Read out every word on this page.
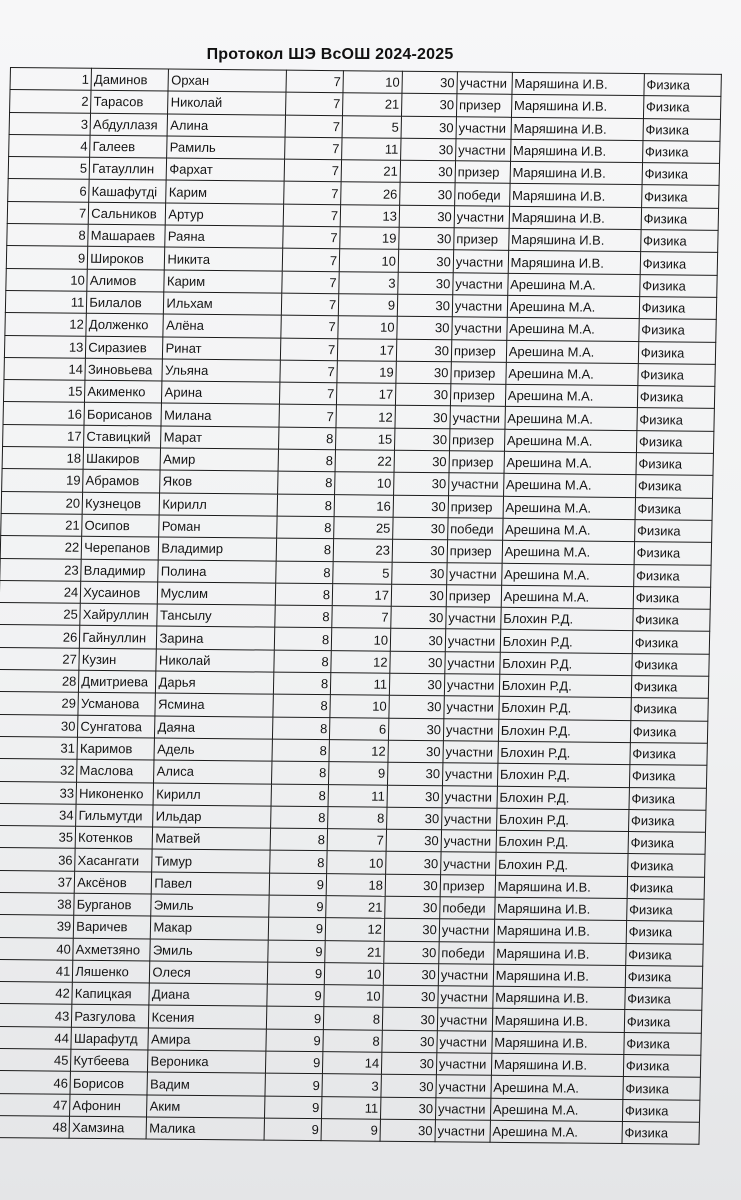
Протокол ШЭ ВсОШ 2024-2025
1	Даминов	Орхан	7	10	30	участни	Маряшина И.В.	Физика
2	Тарасов	Николай	7	21	30	призер	Маряшина И.В.	Физика
3	Абдуллазя	Алина	7	5	30	участни	Маряшина И.В.	Физика
4	Галеев	Рамиль	7	11	30	участни	Маряшина И.В.	Физика
5	Гатауллин	Фархат	7	21	30	призер	Маряшина И.В.	Физика
6	Кашафутдi	Карим	7	26	30	победи	Маряшина И.В.	Физика
7	Сальников	Артур	7	13	30	участни	Маряшина И.В.	Физика
8	Машараев	Раяна	7	19	30	призер	Маряшина И.В.	Физика
9	Широков	Никита	7	10	30	участни	Маряшина И.В.	Физика
10	Алимов	Карим	7	3	30	участни	Арешина М.А.	Физика
11	Билалов	Ильхам	7	9	30	участни	Арешина М.А.	Физика
12	Долженко	Алёна	7	10	30	участни	Арешина М.А.	Физика
13	Сиразиев	Ринат	7	17	30	призер	Арешина М.А.	Физика
14	Зиновьева	Ульяна	7	19	30	призер	Арешина М.А.	Физика
15	Акименко	Арина	7	17	30	призер	Арешина М.А.	Физика
16	Борисанов	Милана	7	12	30	участни	Арешина М.А.	Физика
17	Ставицкий	Марат	8	15	30	призер	Арешина М.А.	Физика
18	Шакиров	Амир	8	22	30	призер	Арешина М.А.	Физика
19	Абрамов	Яков	8	10	30	участни	Арешина М.А.	Физика
20	Кузнецов	Кирилл	8	16	30	призер	Арешина М.А.	Физика
21	Осипов	Роман	8	25	30	победи	Арешина М.А.	Физика
22	Черепанов	Владимир	8	23	30	призер	Арешина М.А.	Физика
23	Владимир	Полина	8	5	30	участни	Арешина М.А.	Физика
24	Хусаинов	Муслим	8	17	30	призер	Арешина М.А.	Физика
25	Хайруллин	Тансылу	8	7	30	участни	Блохин Р.Д.	Физика
26	Гайнуллин	Зарина	8	10	30	участни	Блохин Р.Д.	Физика
27	Кузин	Николай	8	12	30	участни	Блохин Р.Д.	Физика
28	Дмитриева	Дарья	8	11	30	участни	Блохин Р.Д.	Физика
29	Усманова	Ясмина	8	10	30	участни	Блохин Р.Д.	Физика
30	Сунгатова	Даяна	8	6	30	участни	Блохин Р.Д.	Физика
31	Каримов	Адель	8	12	30	участни	Блохин Р.Д.	Физика
32	Маслова	Алиса	8	9	30	участни	Блохин Р.Д.	Физика
33	Никоненко	Кирилл	8	11	30	участни	Блохин Р.Д.	Физика
34	Гильмутди	Ильдар	8	8	30	участни	Блохин Р.Д.	Физика
35	Котенков	Матвей	8	7	30	участни	Блохин Р.Д.	Физика
36	Хасангати	Тимур	8	10	30	участни	Блохин Р.Д.	Физика
37	Аксёнов	Павел	9	18	30	призер	Маряшина И.В.	Физика
38	Бурганов	Эмиль	9	21	30	победи	Маряшина И.В.	Физика
39	Варичев	Макар	9	12	30	участни	Маряшина И.В.	Физика
40	Ахметзяно	Эмиль	9	21	30	победи	Маряшина И.В.	Физика
41	Ляшенко	Олеся	9	10	30	участни	Маряшина И.В.	Физика
42	Капицкая	Диана	9	10	30	участни	Маряшина И.В.	Физика
43	Разгулова	Ксения	9	8	30	участни	Маряшина И.В.	Физика
44	Шарафутд	Амира	9	8	30	участни	Маряшина И.В.	Физика
45	Кутбеева	Вероника	9	14	30	участни	Маряшина И.В.	Физика
46	Борисов	Вадим	9	3	30	участни	Арешина М.А.	Физика
47	Афонин	Аким	9	11	30	участни	Арешина М.А.	Физика
48	Хамзина	Малика	9	9	30	участни	Арешина М.А.	Физика
